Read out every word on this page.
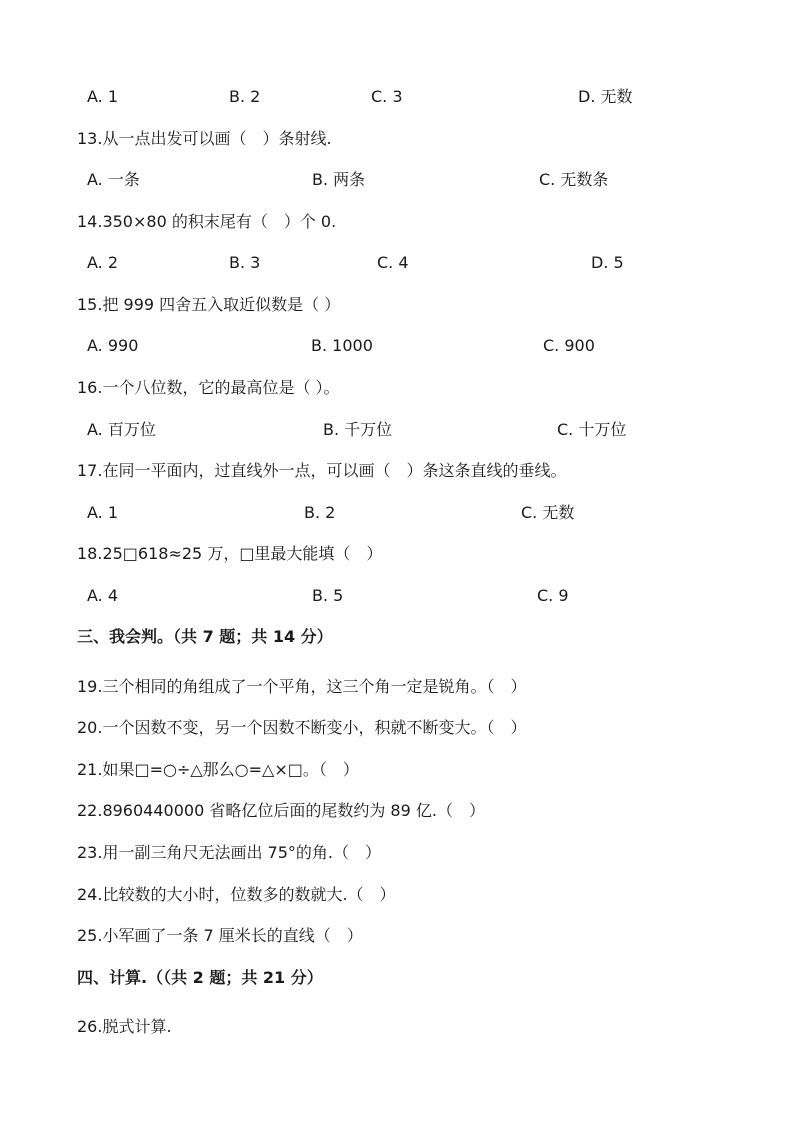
A. 1	B. 2	C. 3	D. 无数
13.从一点出发可以画（　）条射线.
A. 一条	B. 两条	C. 无数条
14.350×80 的积末尾有（　）个 0.
A. 2	B. 3	C. 4	D. 5
15.把 999 四舍五入取近似数是（ ）
A. 990	B. 1000	C. 900
16.一个八位数，它的最高位是（ ）。
A. 百万位	B. 千万位	C. 十万位
17.在同一平面内，过直线外一点，可以画（　）条这条直线的垂线。
A. 1	B. 2	C. 无数
18.25□618≈25 万，□里最大能填（　）
A. 4	B. 5	C. 9
三、我会判。（共 7 题；共 14 分）
19.三个相同的角组成了一个平角，这三个角一定是锐角。（　）
20.一个因数不变，另一个因数不断变小，积就不断变大。（　）
21.如果□=○÷△那么○=△×□。（　）
22.8960440000 省略亿位后面的尾数约为 89 亿.（　）
23.用一副三角尺无法画出 75°的角.（　）
24.比较数的大小时，位数多的数就大.（　）
25.小军画了一条 7 厘米长的直线（　）
四、计算.（（共 2 题；共 21 分）
26.脱式计算.
